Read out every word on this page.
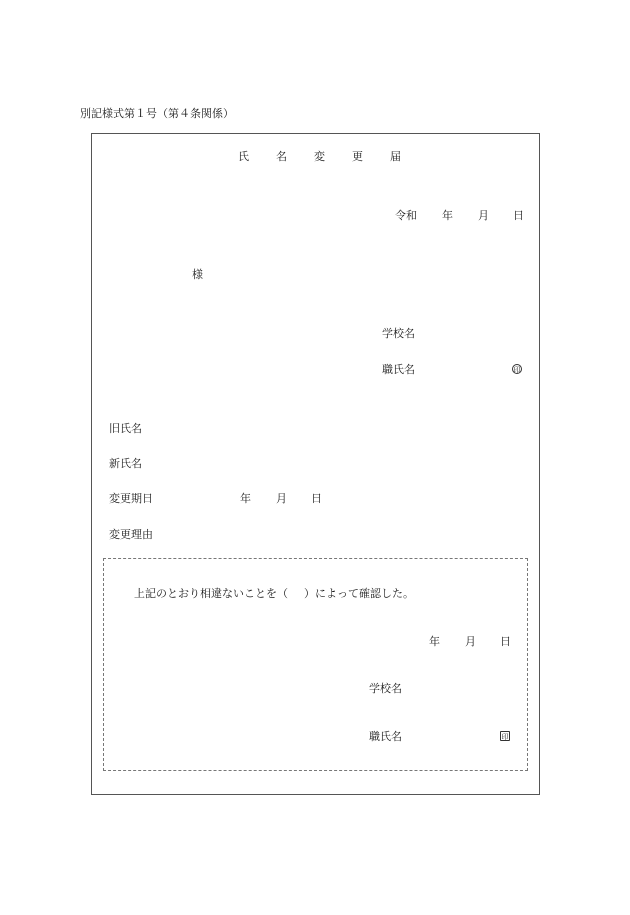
別記様式第１号（第４条関係）
氏名変更届
令和 年 月 日
様
学校名
職氏名	印
旧氏名
新氏名
変更期日	年 月 日
変更理由
上記のとおり相違ないことを（ ）によって確認した。
年 月 日
学校名
職氏名	印
